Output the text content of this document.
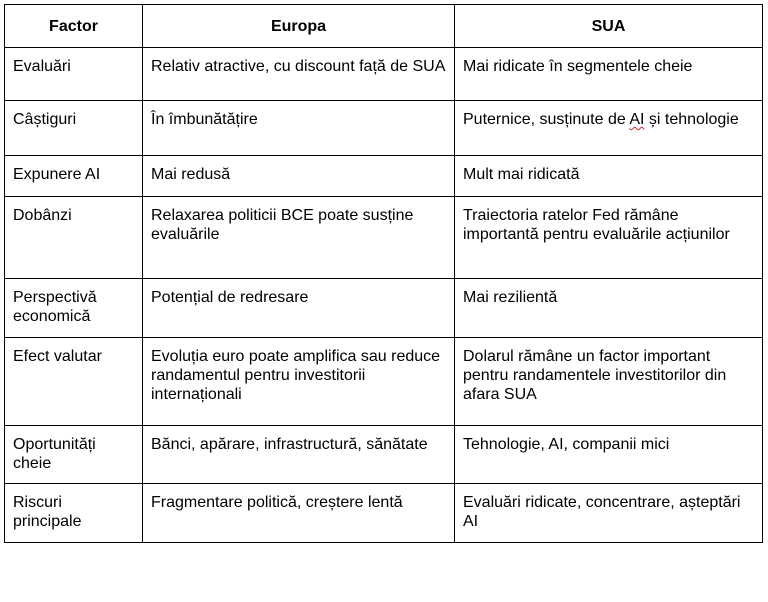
Factor	Europa	SUA

Evaluări	Relativ atractive, cu discount față de SUA	Mai ridicate în segmentele cheie

Câștiguri	În îmbunătățire	Puternice, susținute de AI și tehnologie

Expunere AI	Mai redusă	Mult mai ridicată

Dobânzi	Relaxarea politicii BCE poate susține evaluările	Traiectoria ratelor Fed rămâne importantă pentru evaluările acțiunilor

Perspectivă economică	Potențial de redresare	Mai rezilientă

Efect valutar	Evoluția euro poate amplifica sau reduce randamentul pentru investitorii internaționali	Dolarul rămâne un factor important pentru randamentele investitorilor din afara SUA

Oportunități cheie	Bănci, apărare, infrastructură, sănătate	Tehnologie, AI, companii mici

Riscuri principale	Fragmentare politică, creștere lentă	Evaluări ridicate, concentrare, așteptări AI
